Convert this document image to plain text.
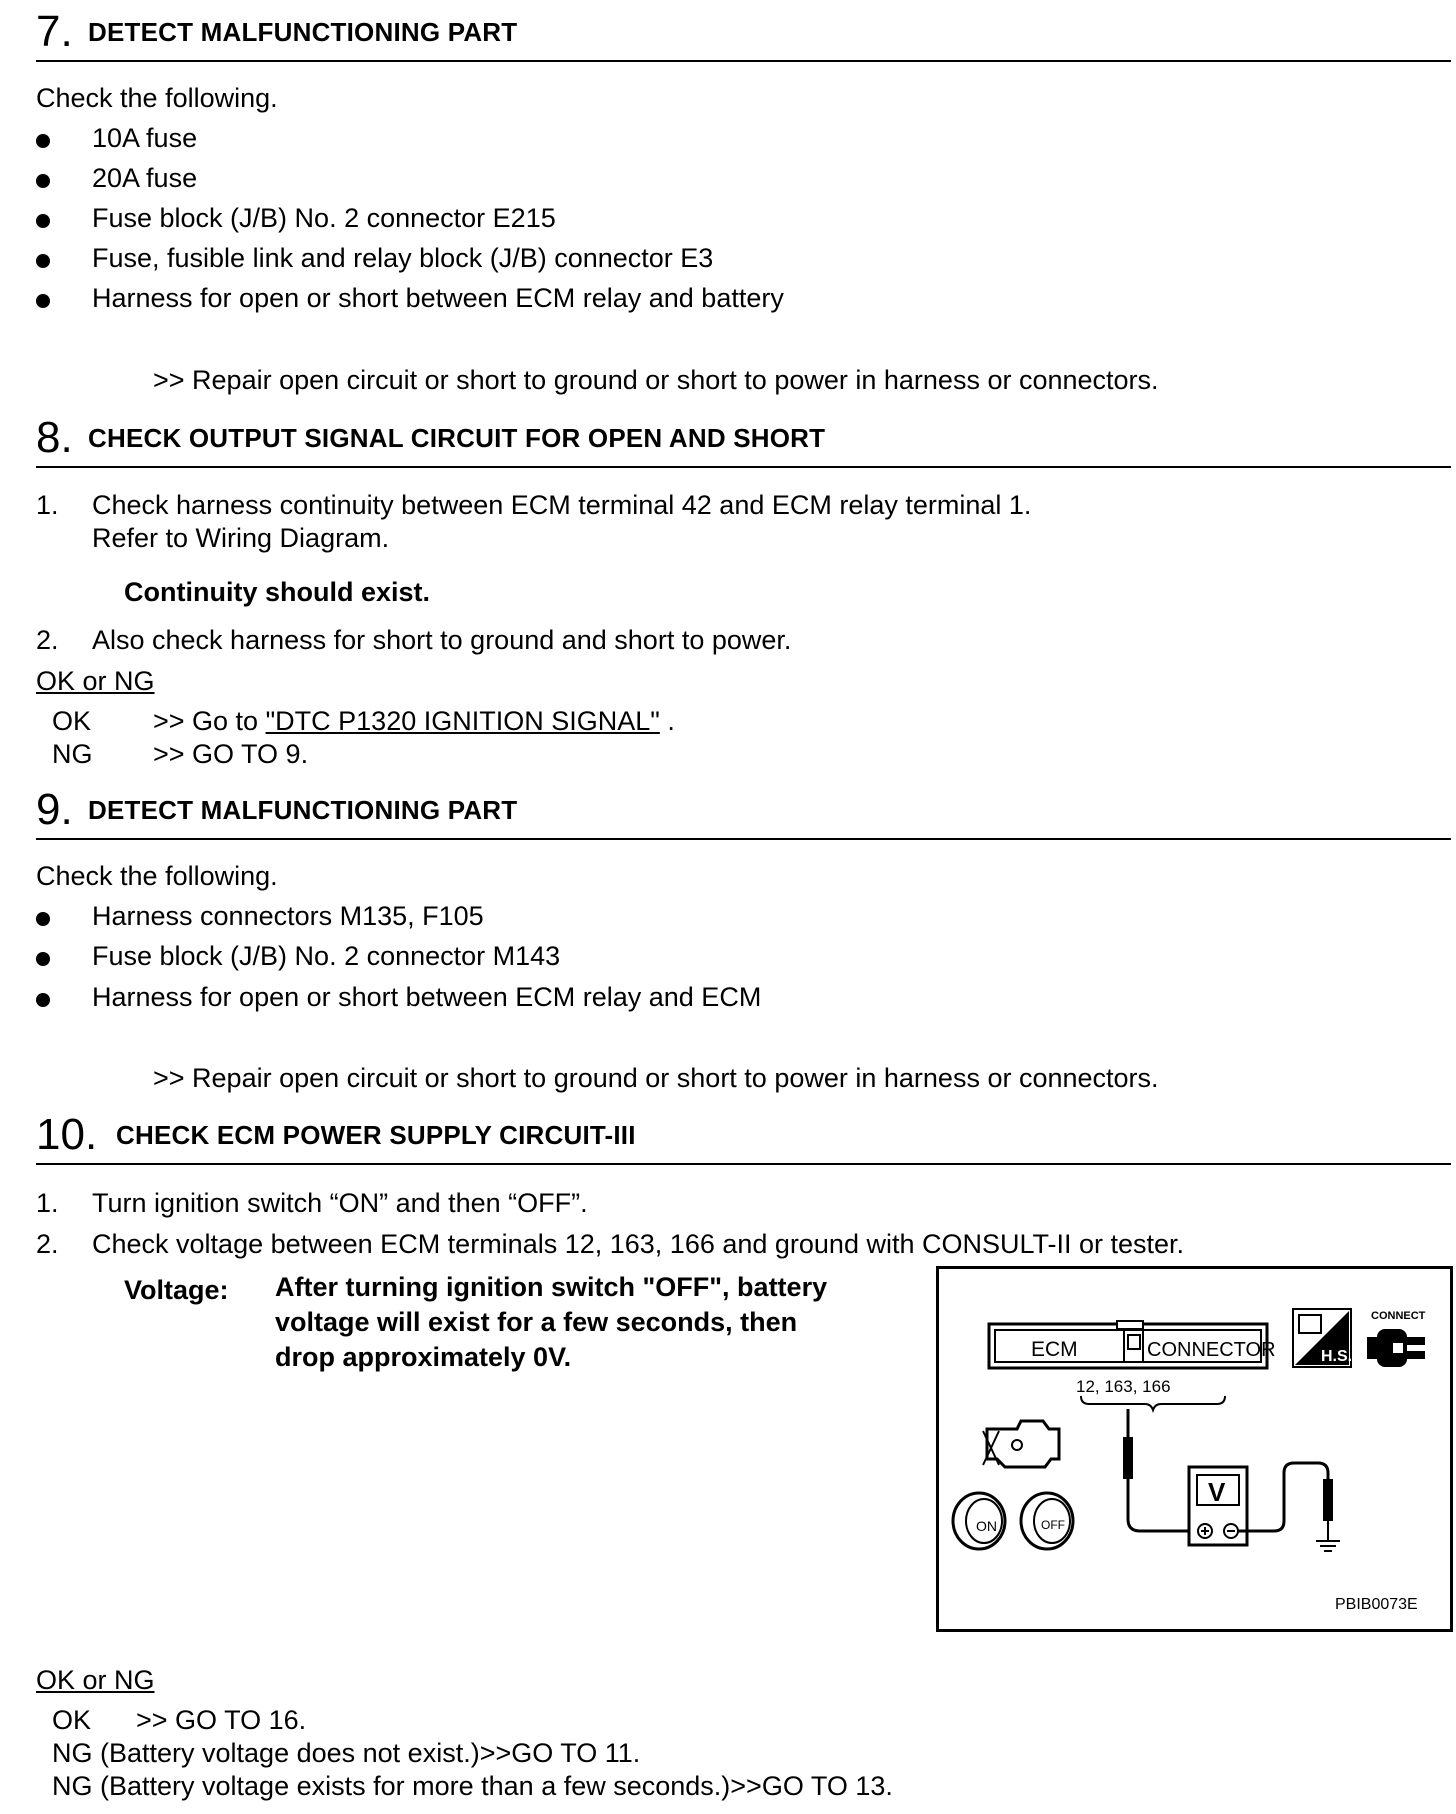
7. DETECT MALFUNCTIONING PART
Check the following.
10A fuse
20A fuse
Fuse block (J/B) No. 2 connector E215
Fuse, fusible link and relay block (J/B) connector E3
Harness for open or short between ECM relay and battery
>> Repair open circuit or short to ground or short to power in harness or connectors.
8. CHECK OUTPUT SIGNAL CIRCUIT FOR OPEN AND SHORT
1. Check harness continuity between ECM terminal 42 and ECM relay terminal 1.
Refer to Wiring Diagram.
Continuity should exist.
2. Also check harness for short to ground and short to power.
OK or NG
OK >> Go to "DTC P1320 IGNITION SIGNAL" .
NG >> GO TO 9.
9. DETECT MALFUNCTIONING PART
Check the following.
Harness connectors M135, F105
Fuse block (J/B) No. 2 connector M143
Harness for open or short between ECM relay and ECM
>> Repair open circuit or short to ground or short to power in harness or connectors.
10. CHECK ECM POWER SUPPLY CIRCUIT-III
1. Turn ignition switch “ON” and then “OFF”.
2. Check voltage between ECM terminals 12, 163, 166 and ground with CONSULT-II or tester.
Voltage: After turning ignition switch "OFF", battery
voltage will exist for a few seconds, then
drop approximately 0V.	ECM	CONNECTOR
12, 163, 166
H.S.
CONNECT
ON	OFF
V
PBIB0073E
OK or NG
OK      >> GO TO 16.
NG (Battery voltage does not exist.)>>GO TO 11.
NG (Battery voltage exists for more than a few seconds.)>>GO TO 13.
